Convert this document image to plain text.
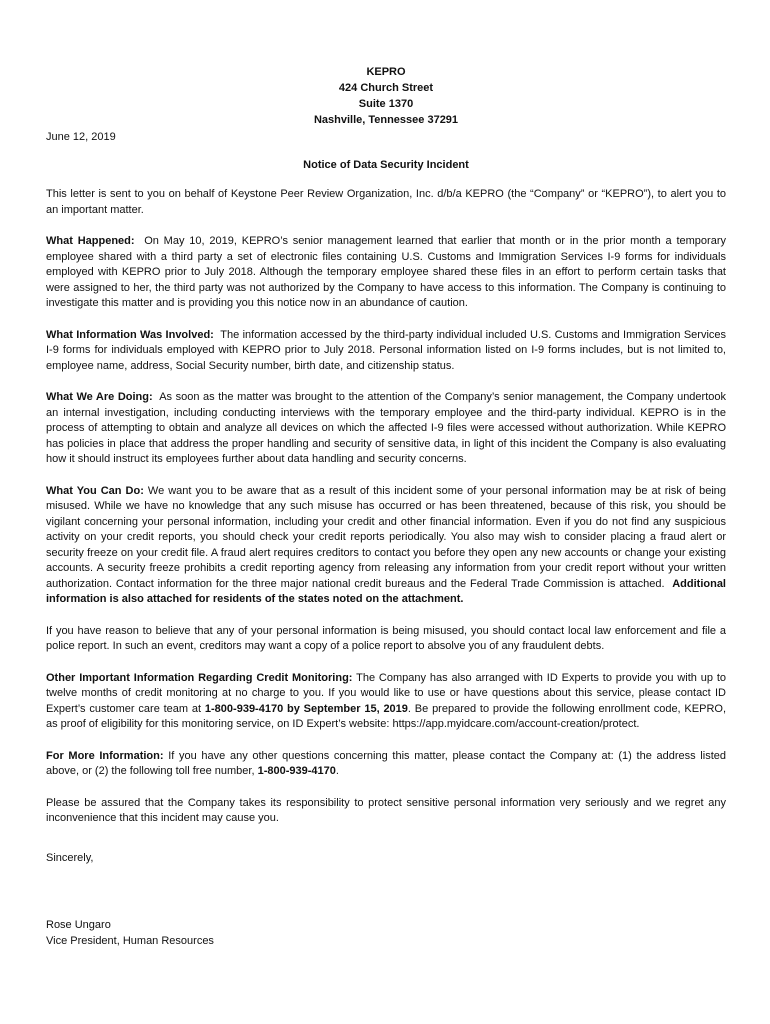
KEPRO
424 Church Street
Suite 1370
Nashville, Tennessee 37291
June 12, 2019
Notice of Data Security Incident

This letter is sent to you on behalf of Keystone Peer Review Organization, Inc. d/b/a KEPRO (the “Company” or “KEPRO”), to alert you to an important matter.

What Happened: On May 10, 2019, KEPRO’s senior management learned that earlier that month or in the prior month a temporary employee shared with a third party a set of electronic files containing U.S. Customs and Immigration Services I-9 forms for individuals employed with KEPRO prior to July 2018. Although the temporary employee shared these files in an effort to perform certain tasks that were assigned to her, the third party was not authorized by the Company to have access to this information. The Company is continuing to investigate this matter and is providing you this notice now in an abundance of caution.

What Information Was Involved: The information accessed by the third-party individual included U.S. Customs and Immigration Services I-9 forms for individuals employed with KEPRO prior to July 2018. Personal information listed on I-9 forms includes, but is not limited to, employee name, address, Social Security number, birth date, and citizenship status.

What We Are Doing: As soon as the matter was brought to the attention of the Company’s senior management, the Company undertook an internal investigation, including conducting interviews with the temporary employee and the third-party individual. KEPRO is in the process of attempting to obtain and analyze all devices on which the affected I-9 files were accessed without authorization. While KEPRO has policies in place that address the proper handling and security of sensitive data, in light of this incident the Company is also evaluating how it should instruct its employees further about data handling and security concerns.

What You Can Do: We want you to be aware that as a result of this incident some of your personal information may be at risk of being misused. While we have no knowledge that any such misuse has occurred or has been threatened, because of this risk, you should be vigilant concerning your personal information, including your credit and other financial information. Even if you do not find any suspicious activity on your credit reports, you should check your credit reports periodically. You also may wish to consider placing a fraud alert or security freeze on your credit file. A fraud alert requires creditors to contact you before they open any new accounts or change your existing accounts. A security freeze prohibits a credit reporting agency from releasing any information from your credit report without your written authorization. Contact information for the three major national credit bureaus and the Federal Trade Commission is attached. Additional information is also attached for residents of the states noted on the attachment.

If you have reason to believe that any of your personal information is being misused, you should contact local law enforcement and file a police report. In such an event, creditors may want a copy of a police report to absolve you of any fraudulent debts.

Other Important Information Regarding Credit Monitoring: The Company has also arranged with ID Experts to provide you with up to twelve months of credit monitoring at no charge to you. If you would like to use or have questions about this service, please contact ID Expert’s customer care team at 1-800-939-4170 by September 15, 2019. Be prepared to provide the following enrollment code, KEPRO, as proof of eligibility for this monitoring service, on ID Expert’s website: https://app.myidcare.com/account-creation/protect.

For More Information: If you have any other questions concerning this matter, please contact the Company at: (1) the address listed above, or (2) the following toll free number, 1-800-939-4170.

Please be assured that the Company takes its responsibility to protect sensitive personal information very seriously and we regret any inconvenience that this incident may cause you.

Sincerely,
Rose Ungaro
Vice President, Human Resources
